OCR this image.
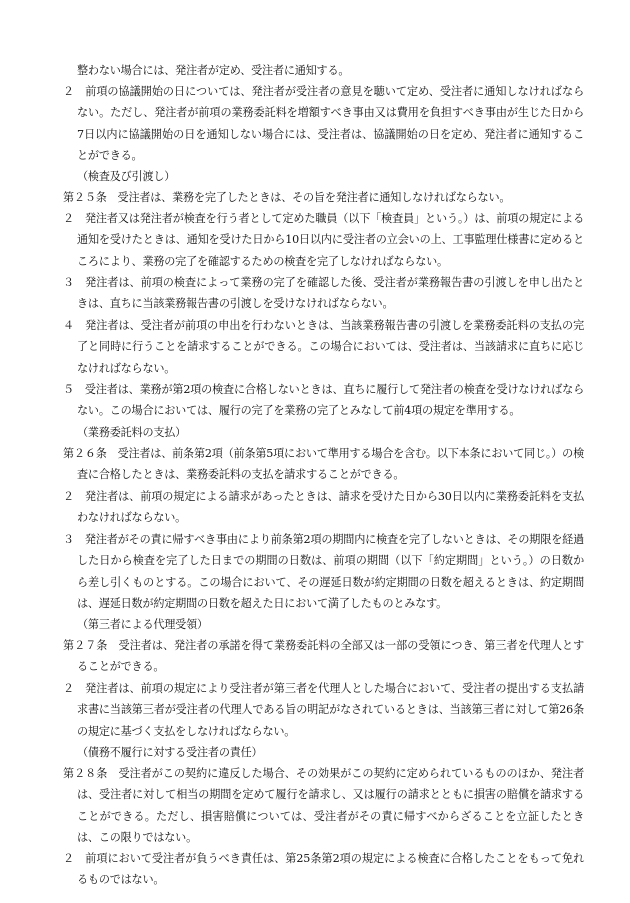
整わない場合には、発注者が定め、受注者に通知する。
２　前項の協議開始の日については、発注者が受注者の意見を聴いて定め、受注者に通知しなければならない。ただし、発注者が前項の業務委託料を増額すべき事由又は費用を負担すべき事由が生じた日から7日以内に協議開始の日を通知しない場合には、受注者は、協議開始の日を定め、発注者に通知することができる。
（検査及び引渡し）
第２５条　受注者は、業務を完了したときは、その旨を発注者に通知しなければならない。
２　発注者又は発注者が検査を行う者として定めた職員（以下「検査員」という。）は、前項の規定による通知を受けたときは、通知を受けた日から10日以内に受注者の立会いの上、工事監理仕様書に定めるところにより、業務の完了を確認するための検査を完了しなければならない。
３　発注者は、前項の検査によって業務の完了を確認した後、受注者が業務報告書の引渡しを申し出たときは、直ちに当該業務報告書の引渡しを受けなければならない。
４　発注者は、受注者が前項の申出を行わないときは、当該業務報告書の引渡しを業務委託料の支払の完了と同時に行うことを請求することができる。この場合においては、受注者は、当該請求に直ちに応じなければならない。
５　受注者は、業務が第2項の検査に合格しないときは、直ちに履行して発注者の検査を受けなければならない。この場合においては、履行の完了を業務の完了とみなして前4項の規定を準用する。
（業務委託料の支払）
第２６条　受注者は、前条第2項（前条第5項において準用する場合を含む。以下本条において同じ。）の検査に合格したときは、業務委託料の支払を請求することができる。
２　発注者は、前項の規定による請求があったときは、請求を受けた日から30日以内に業務委託料を支払わなければならない。
３　発注者がその責に帰すべき事由により前条第2項の期間内に検査を完了しないときは、その期限を経過した日から検査を完了した日までの期間の日数は、前項の期間（以下「約定期間」という。）の日数から差し引くものとする。この場合において、その遅延日数が約定期間の日数を超えるときは、約定期間は、遅延日数が約定期間の日数を超えた日において満了したものとみなす。
（第三者による代理受領）
第２７条　受注者は、発注者の承諾を得て業務委託料の全部又は一部の受領につき、第三者を代理人とすることができる。
２　発注者は、前項の規定により受注者が第三者を代理人とした場合において、受注者の提出する支払請求書に当該第三者が受注者の代理人である旨の明記がなされているときは、当該第三者に対して第26条の規定に基づく支払をしなければならない。
（債務不履行に対する受注者の責任）
第２８条　受注者がこの契約に違反した場合、その効果がこの契約に定められているもののほか、発注者は、受注者に対して相当の期間を定めて履行を請求し、又は履行の請求とともに損害の賠償を請求することができる。ただし、損害賠償については、受注者がその責に帰すべからざることを立証したときは、この限りではない。
２　前項において受注者が負うべき責任は、第25条第2項の規定による検査に合格したことをもって免れるものではない。
